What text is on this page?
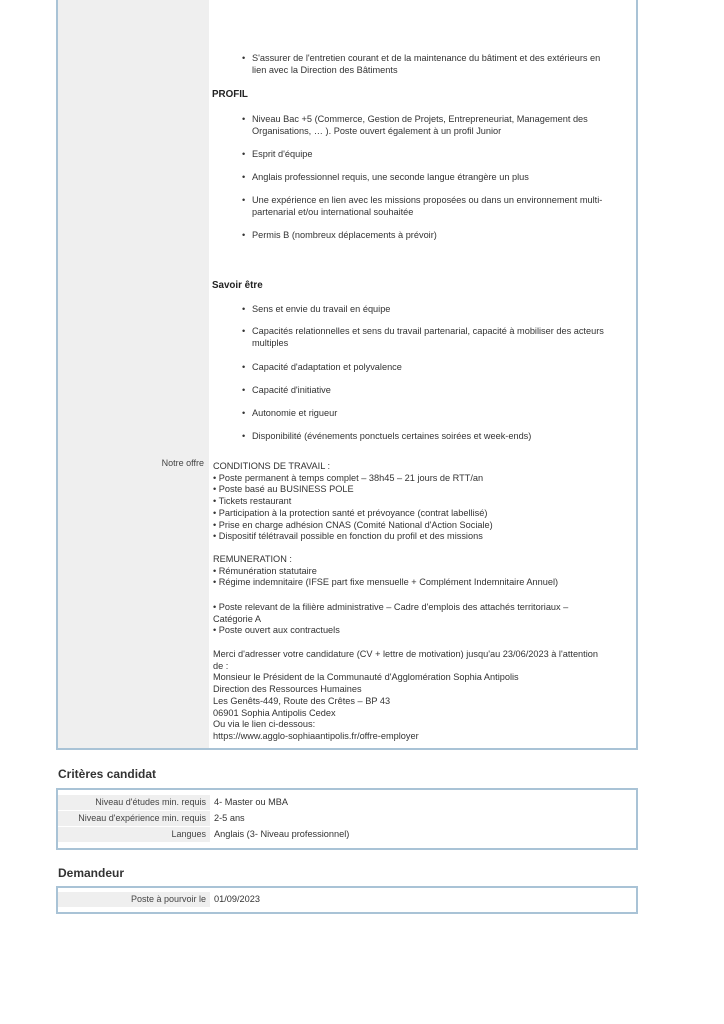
Notre offre
• S'assurer de l'entretien courant et de la maintenance du bâtiment et des extérieurs en
lien avec la Direction des Bâtiments
PROFIL
• Niveau Bac +5 (Commerce, Gestion de Projets, Entrepreneuriat, Management des
Organisations, … ). Poste ouvert également à un profil Junior
• Esprit d'équipe
• Anglais professionnel requis, une seconde langue étrangère un plus
• Une expérience en lien avec les missions proposées ou dans un environnement multi-
partenarial et/ou international souhaitée
• Permis B (nombreux déplacements à prévoir)
Savoir être
• Sens et envie du travail en équipe
• Capacités relationnelles et sens du travail partenarial, capacité à mobiliser des acteurs
multiples
• Capacité d'adaptation et polyvalence
• Capacité d'initiative
• Autonomie et rigueur
• Disponibilité (événements ponctuels certaines soirées et week-ends)
CONDITIONS DE TRAVAIL :
• Poste permanent à temps complet – 38h45 – 21 jours de RTT/an
• Poste basé au BUSINESS POLE
• Tickets restaurant
• Participation à la protection santé et prévoyance (contrat labellisé)
• Prise en charge adhésion CNAS (Comité National d'Action Sociale)
• Dispositif télétravail possible en fonction du profil et des missions
REMUNERATION :
• Rémunération statutaire
• Régime indemnitaire (IFSE part fixe mensuelle + Complément Indemnitaire Annuel)
• Poste relevant de la filière administrative – Cadre d'emplois des attachés territoriaux –
Catégorie A
• Poste ouvert aux contractuels
Merci d'adresser votre candidature (CV + lettre de motivation) jusqu'au 23/06/2023 à l'attention
de :
Monsieur le Président de la Communauté d'Agglomération Sophia Antipolis
Direction des Ressources Humaines
Les Genêts-449, Route des Crêtes – BP 43
06901 Sophia Antipolis Cedex
Ou via le lien ci-dessous:
https://www.agglo-sophiaantipolis.fr/offre-employer
Critères candidat
Niveau d'études min. requis 4- Master ou MBA
Niveau d'expérience min. requis 2-5 ans
Langues Anglais (3- Niveau professionnel)
Demandeur
Poste à pourvoir le 01/09/2023
